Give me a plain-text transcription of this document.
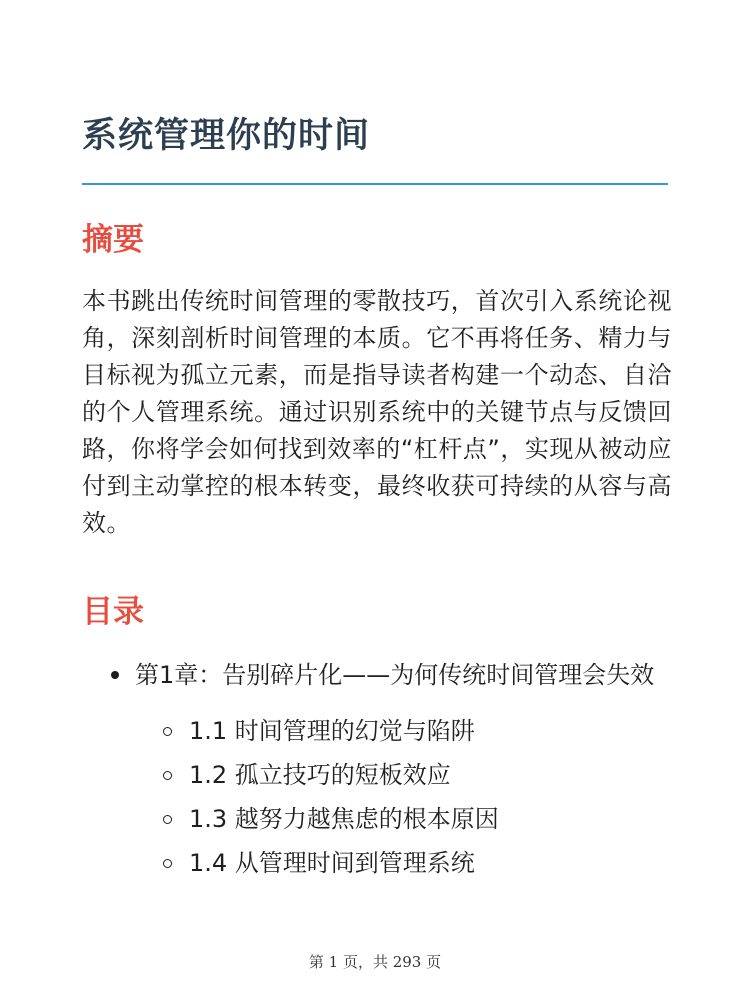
系统管理你的时间
摘要

本书跳出传统时间管理的零散技巧，首次引入系统论视角，深刻剖析时间管理的本质。它不再将任务、精力与目标视为孤立元素，而是指导读者构建一个动态、自洽的个人管理系统。通过识别系统中的关键节点与反馈回路，你将学会如何找到效率的“杠杆点”，实现从被动应付到主动掌控的根本转变，最终收获可持续的从容与高效。

目录
第1章：告别碎片化——为何传统时间管理会失效
1.1 时间管理的幻觉与陷阱
1.2 孤立技巧的短板效应
1.3 越努力越焦虑的根本原因
1.4 从管理时间到管理系统
第 1 页，共 293 页
